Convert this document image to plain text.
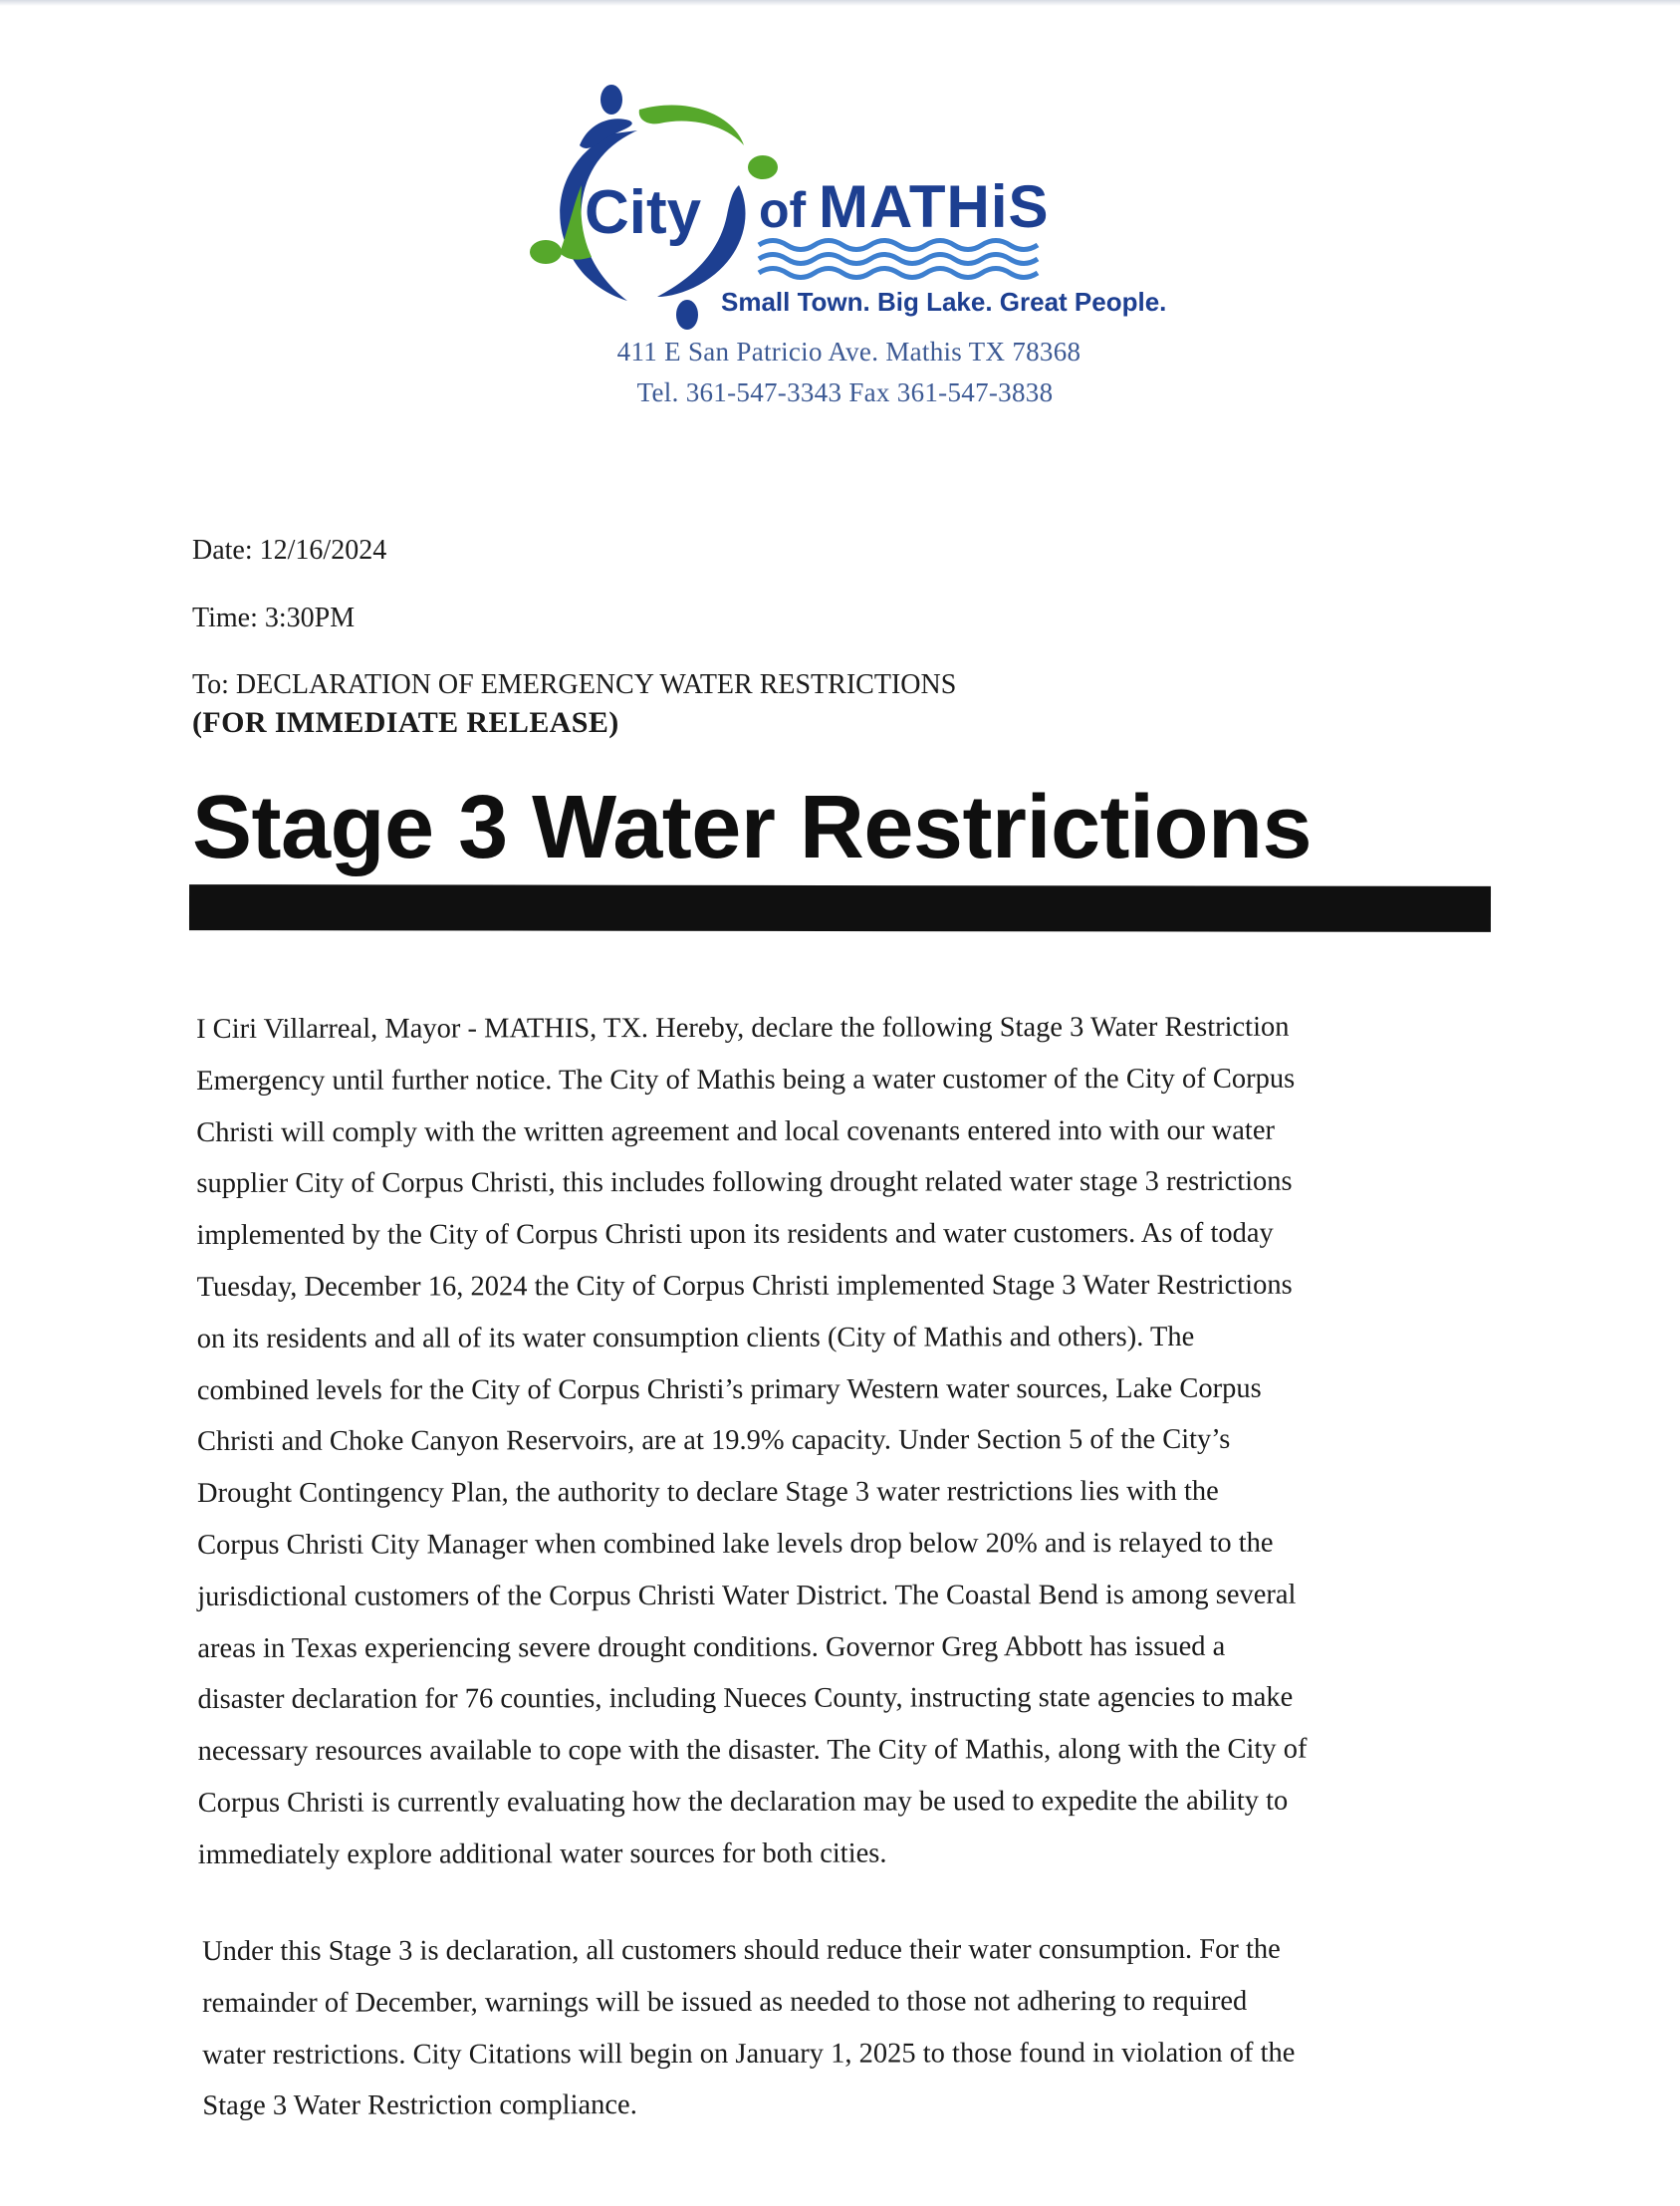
City of MATHiS
Small Town. Big Lake. Great People.
411 E San Patricio Ave. Mathis TX 78368
Tel. 361-547-3343 Fax 361-547-3838
Date: 12/16/2024
Time: 3:30PM
To: DECLARATION OF EMERGENCY WATER RESTRICTIONS
(FOR IMMEDIATE RELEASE)
Stage 3 Water Restrictions
I Ciri Villarreal, Mayor - MATHIS, TX. Hereby, declare the following Stage 3 Water Restriction
Emergency until further notice. The City of Mathis being a water customer of the City of Corpus
Christi will comply with the written agreement and local covenants entered into with our water
supplier City of Corpus Christi, this includes following drought related water stage 3 restrictions
implemented by the City of Corpus Christi upon its residents and water customers. As of today
Tuesday, December 16, 2024 the City of Corpus Christi implemented Stage 3 Water Restrictions
on its residents and all of its water consumption clients (City of Mathis and others). The
combined levels for the City of Corpus Christi’s primary Western water sources, Lake Corpus
Christi and Choke Canyon Reservoirs, are at 19.9% capacity. Under Section 5 of the City’s
Drought Contingency Plan, the authority to declare Stage 3 water restrictions lies with the
Corpus Christi City Manager when combined lake levels drop below 20% and is relayed to the
jurisdictional customers of the Corpus Christi Water District. The Coastal Bend is among several
areas in Texas experiencing severe drought conditions. Governor Greg Abbott has issued a
disaster declaration for 76 counties, including Nueces County, instructing state agencies to make
necessary resources available to cope with the disaster. The City of Mathis, along with the City of
Corpus Christi is currently evaluating how the declaration may be used to expedite the ability to
immediately explore additional water sources for both cities.
Under this Stage 3 is declaration, all customers should reduce their water consumption. For the
remainder of December, warnings will be issued as needed to those not adhering to required
water restrictions. City Citations will begin on January 1, 2025 to those found in violation of the
Stage 3 Water Restriction compliance.
